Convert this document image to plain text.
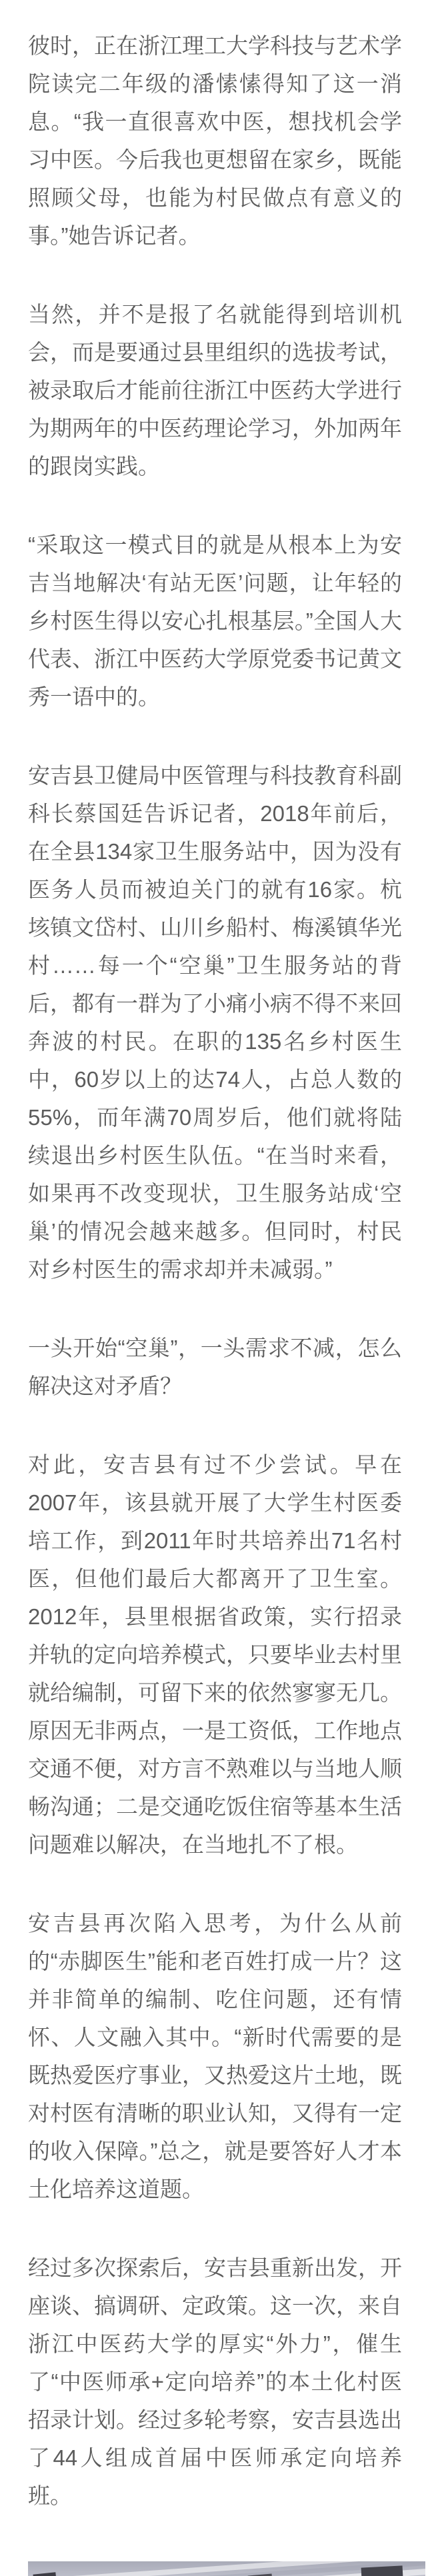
彼时，正在浙江理工大学科技与艺术学院读完二年级的潘愫愫得知了这一消息。“我一直很喜欢中医，想找机会学习中医。今后我也更想留在家乡，既能照顾父母，也能为村民做点有意义的事。”她告诉记者。

当然，并不是报了名就能得到培训机会，而是要通过县里组织的选拔考试，被录取后才能前往浙江中医药大学进行为期两年的中医药理论学习，外加两年的跟岗实践。

“采取这一模式目的就是从根本上为安吉当地解决‘有站无医’问题，让年轻的乡村医生得以安心扎根基层。”全国人大代表、浙江中医药大学原党委书记黄文秀一语中的。

安吉县卫健局中医管理与科技教育科副科长蔡国廷告诉记者，2018年前后，在全县134家卫生服务站中，因为没有医务人员而被迫关门的就有16家。杭垓镇文岱村、山川乡船村、梅溪镇华光村……每一个“空巢”卫生服务站的背后，都有一群为了小痛小病不得不来回奔波的村民。在职的135名乡村医生中，60岁以上的达74人，占总人数的55%，而年满70周岁后，他们就将陆续退出乡村医生队伍。“在当时来看，如果再不改变现状，卫生服务站成‘空巢’的情况会越来越多。但同时，村民对乡村医生的需求却并未减弱。”

一头开始“空巢”，一头需求不减，怎么解决这对矛盾？

对此，安吉县有过不少尝试。早在2007年，该县就开展了大学生村医委培工作，到2011年时共培养出71名村医，但他们最后大都离开了卫生室。2012年，县里根据省政策，实行招录并轨的定向培养模式，只要毕业去村里就给编制，可留下来的依然寥寥无几。原因无非两点，一是工资低，工作地点交通不便，对方言不熟难以与当地人顺畅沟通；二是交通吃饭住宿等基本生活问题难以解决，在当地扎不了根。

安吉县再次陷入思考，为什么从前的“赤脚医生”能和老百姓打成一片？这并非简单的编制、吃住问题，还有情怀、人文融入其中。“新时代需要的是既热爱医疗事业，又热爱这片土地，既对村医有清晰的职业认知，又得有一定的收入保障。”总之，就是要答好人才本土化培养这道题。

经过多次探索后，安吉县重新出发，开座谈、搞调研、定政策。这一次，来自浙江中医药大学的厚实“外力”，催生了“中医师承+定向培养”的本土化村医招录计划。经过多轮考察，安吉县选出了44人组成首届中医师承定向培养班。
